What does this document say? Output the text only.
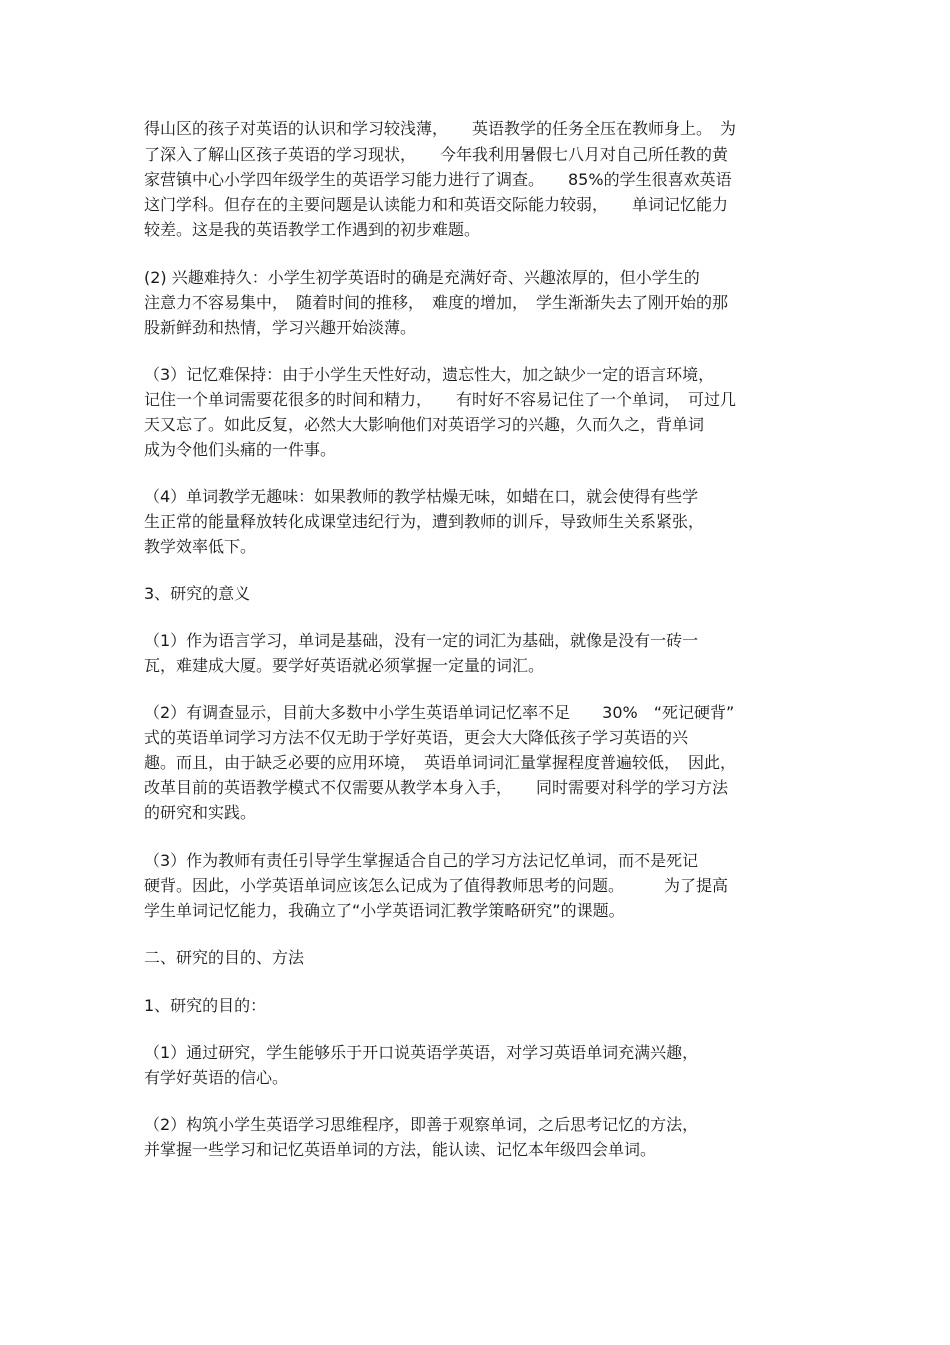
得山区的孩子对英语的认识和学习较浅薄，　　英语教学的任务全压在教师身上。　为
了深入了解山区孩子英语的学习现状，　　今年我利用暑假七八月对自己所任教的黄
家营镇中心小学四年级学生的英语学习能力进行了调查。　　85%的学生很喜欢英语
这门学科。但存在的主要问题是认读能力和和英语交际能力较弱，　　单词记忆能力
较差。这是我的英语教学工作遇到的初步难题。
(2) 兴趣难持久：小学生初学英语时的确是充满好奇、兴趣浓厚的，但小学生的
注意力不容易集中，　随着时间的推移，　难度的增加，　学生渐渐失去了刚开始的那
股新鲜劲和热情，学习兴趣开始淡薄。
（3）记忆难保持：由于小学生天性好动，遗忘性大，加之缺少一定的语言环境，
记住一个单词需要花很多的时间和精力，　　有时好不容易记住了一个单词，　可过几
天又忘了。如此反复，必然大大影响他们对英语学习的兴趣，久而久之，背单词
成为令他们头痛的一件事。
（4）单词教学无趣味：如果教师的教学枯燥无味，如蜡在口，就会使得有些学
生正常的能量释放转化成课堂违纪行为，遭到教师的训斥，导致师生关系紧张，
教学效率低下。
3、研究的意义
（1）作为语言学习，单词是基础，没有一定的词汇为基础，就像是没有一砖一
瓦，难建成大厦。要学好英语就必须掌握一定量的词汇。
（2）有调查显示，目前大多数中小学生英语单词记忆率不足　　30%　“死记硬背”
式的英语单词学习方法不仅无助于学好英语，更会大大降低孩子学习英语的兴
趣。而且，由于缺乏必要的应用环境，　英语单词词汇量掌握程度普遍较低，　因此，
改革目前的英语教学模式不仅需要从教学本身入手，　　同时需要对科学的学习方法
的研究和实践。
（3）作为教师有责任引导学生掌握适合自己的学习方法记忆单词，而不是死记
硬背。因此，小学英语单词应该怎么记成为了值得教师思考的问题。　　　为了提高
学生单词记忆能力，我确立了“小学英语词汇教学策略研究”的课题。
二、研究的目的、方法
1、研究的目的：
（1）通过研究，学生能够乐于开口说英语学英语，对学习英语单词充满兴趣，
有学好英语的信心。
（2）构筑小学生英语学习思维程序，即善于观察单词，之后思考记忆的方法，
并掌握一些学习和记忆英语单词的方法，能认读、记忆本年级四会单词。
